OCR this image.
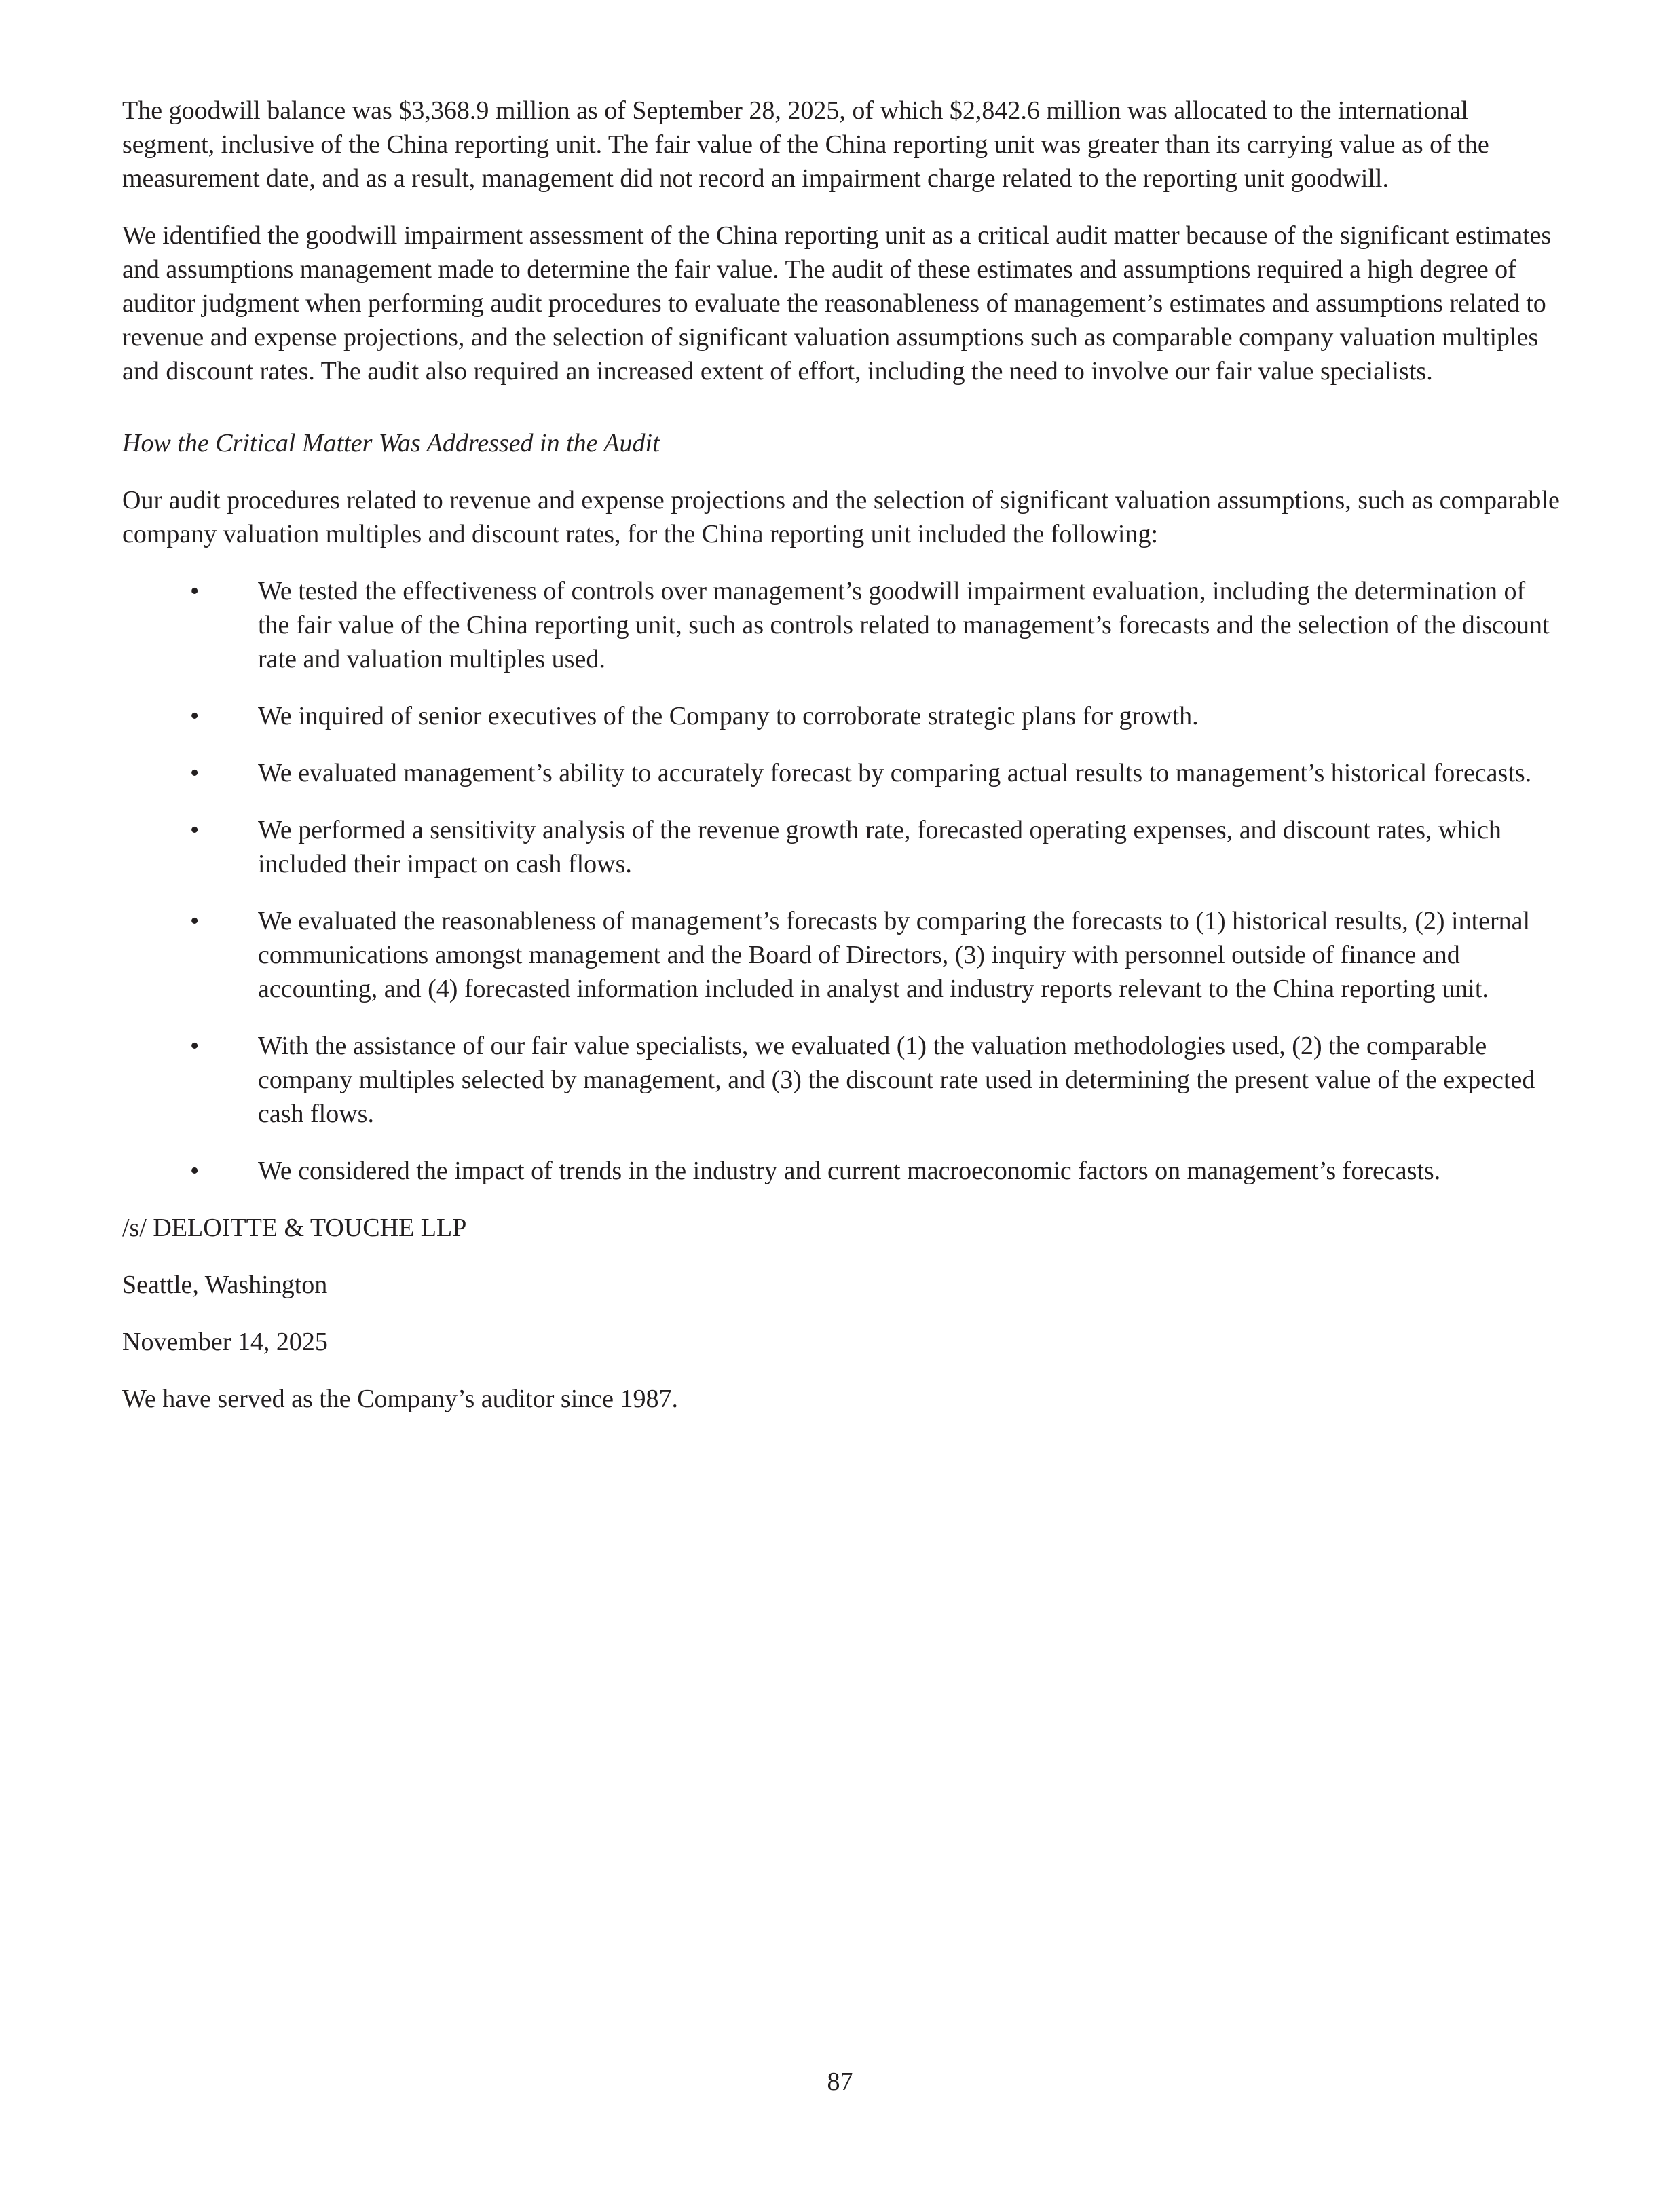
The goodwill balance was $3,368.9 million as of September 28, 2025, of which $2,842.6 million was allocated to the international segment, inclusive of the China reporting unit. The fair value of the China reporting unit was greater than its carrying value as of the measurement date, and as a result, management did not record an impairment charge related to the reporting unit goodwill.

We identified the goodwill impairment assessment of the China reporting unit as a critical audit matter because of the significant estimates and assumptions management made to determine the fair value. The audit of these estimates and assumptions required a high degree of auditor judgment when performing audit procedures to evaluate the reasonableness of management’s estimates and assumptions related to revenue and expense projections, and the selection of significant valuation assumptions such as comparable company valuation multiples and discount rates. The audit also required an increased extent of effort, including the need to involve our fair value specialists.

How the Critical Matter Was Addressed in the Audit

Our audit procedures related to revenue and expense projections and the selection of significant valuation assumptions, such as comparable company valuation multiples and discount rates, for the China reporting unit included the following:

• We tested the effectiveness of controls over management’s goodwill impairment evaluation, including the determination of the fair value of the China reporting unit, such as controls related to management’s forecasts and the selection of the discount rate and valuation multiples used.
• We inquired of senior executives of the Company to corroborate strategic plans for growth.
• We evaluated management’s ability to accurately forecast by comparing actual results to management’s historical forecasts.
• We performed a sensitivity analysis of the revenue growth rate, forecasted operating expenses, and discount rates, which included their impact on cash flows.
• We evaluated the reasonableness of management’s forecasts by comparing the forecasts to (1) historical results, (2) internal communications amongst management and the Board of Directors, (3) inquiry with personnel outside of finance and accounting, and (4) forecasted information included in analyst and industry reports relevant to the China reporting unit.
• With the assistance of our fair value specialists, we evaluated (1) the valuation methodologies used, (2) the comparable company multiples selected by management, and (3) the discount rate used in determining the present value of the expected cash flows.
• We considered the impact of trends in the industry and current macroeconomic factors on management’s forecasts.

/s/ DELOITTE & TOUCHE LLP

Seattle, Washington

November 14, 2025

We have served as the Company’s auditor since 1987.

87
